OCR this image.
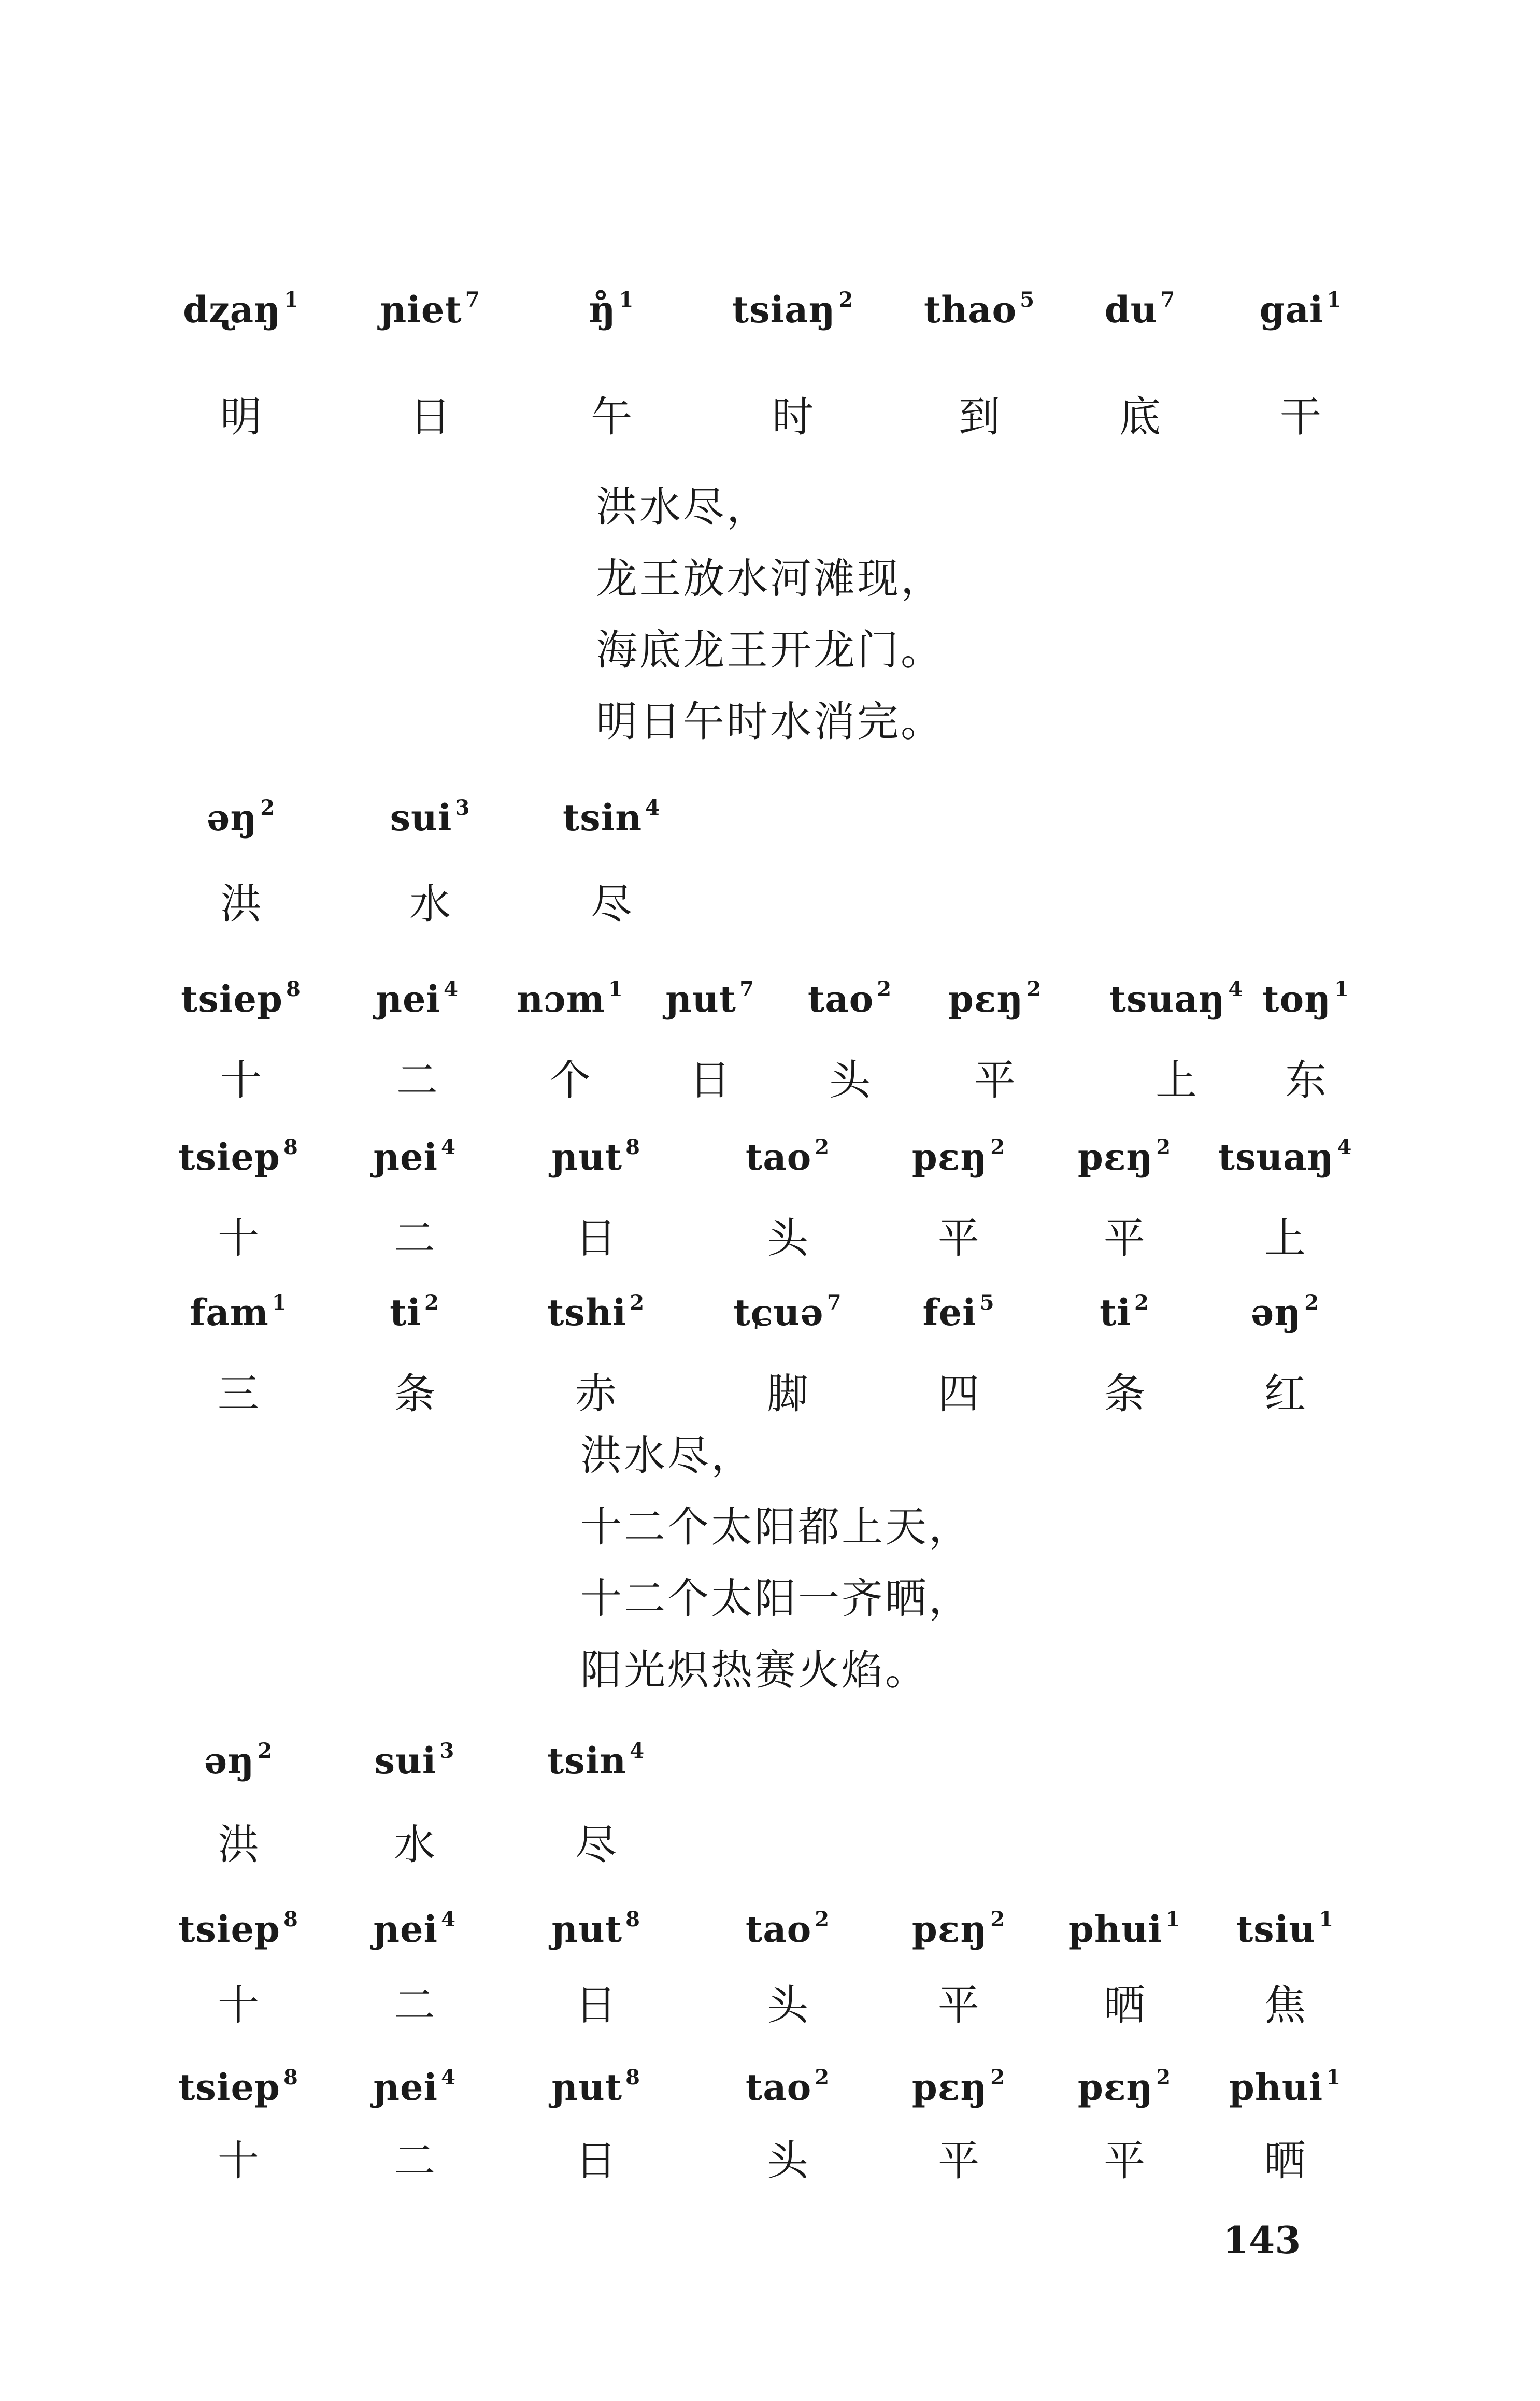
dʐaŋ $^1$	ɲiet $^7$	ŋ̊ $^1$	tsiaŋ $^2$	thao $^5$	du $^7$	gai $^1$
明	日	午	时	到	底	干
洪水尽，
龙王放水河滩现，
海底龙王开龙门。
明日午时水消完。
əŋ $^2$	sui $^3$	tsin $^4$
洪	水	尽
tsiep $^8$	ɲei $^4$	nɔm $^1$	ɲut $^7$	tao $^2$	pɛŋ $^2$	tsuaŋ $^4$ toŋ $^1$
十	二	个	日	头	平	上	东
tsiep $^8$	ɲei $^4$	ɲut $^8$	tao $^2$	pɛŋ $^2$	pɛŋ $^2$	tsuaŋ $^4$
十	二	日	头	平	平	上
fam $^1$	ti $^2$	tshi $^2$	tɕuə $^7$	fei $^5$	ti $^2$	əŋ $^2$
三	条	赤	脚	四	条	红
洪水尽，
十二个太阳都上天，
十二个太阳一齐晒，
阳光炽热赛火焰。
əŋ $^2$	sui $^3$	tsin $^4$
洪	水	尽
tsiep $^8$	ɲei $^4$	ɲut $^8$	tao $^2$	pɛŋ $^2$	phui $^1$	tsiu $^1$
十	二	日	头	平	晒	焦
tsiep $^8$	ɲei $^4$	ɲut $^8$	tao $^2$	pɛŋ $^2$	pɛŋ $^2$	phui $^1$
十	二	日	头	平	平	晒
143
